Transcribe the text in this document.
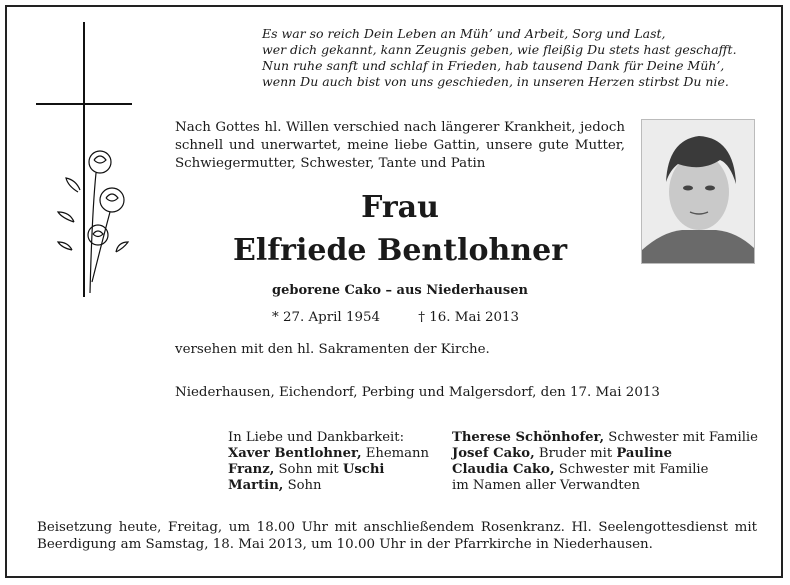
Es war so reich Dein Leben an Müh’ und Arbeit, Sorg und Last,
wer dich gekannt, kann Zeugnis geben, wie fleißig Du stets hast geschafft.
Nun ruhe sanft und schlaf in Frieden, hab tausend Dank für Deine Müh’,
wenn Du auch bist von uns geschieden, in unseren Herzen stirbst Du nie.
Nach Gottes hl. Willen verschied nach längerer Krankheit, jedoch schnell und unerwartet, meine liebe Gattin, unsere gute Mutter, Schwiegermutter, Schwester, Tante und Patin
Frau
Elfriede Bentlohner
geborene Cako – aus Niederhausen
* 27. April 1954	† 16. Mai 2013
versehen mit den hl. Sakramenten der Kirche.
Niederhausen, Eichendorf, Perbing und Malgersdorf, den 17. Mai 2013
In Liebe und Dankbarkeit:
Xaver Bentlohner, Ehemann
Franz, Sohn mit Uschi
Martin, Sohn
Therese Schönhofer, Schwester mit Familie
Josef Cako, Bruder mit Pauline
Claudia Cako, Schwester mit Familie
im Namen aller Verwandten
Beisetzung heute, Freitag, um 18.00 Uhr mit anschließendem Rosenkranz. Hl. Seelengottesdienst mit Beerdigung am Samstag, 18. Mai 2013, um 10.00 Uhr in der Pfarrkirche in Niederhausen.
